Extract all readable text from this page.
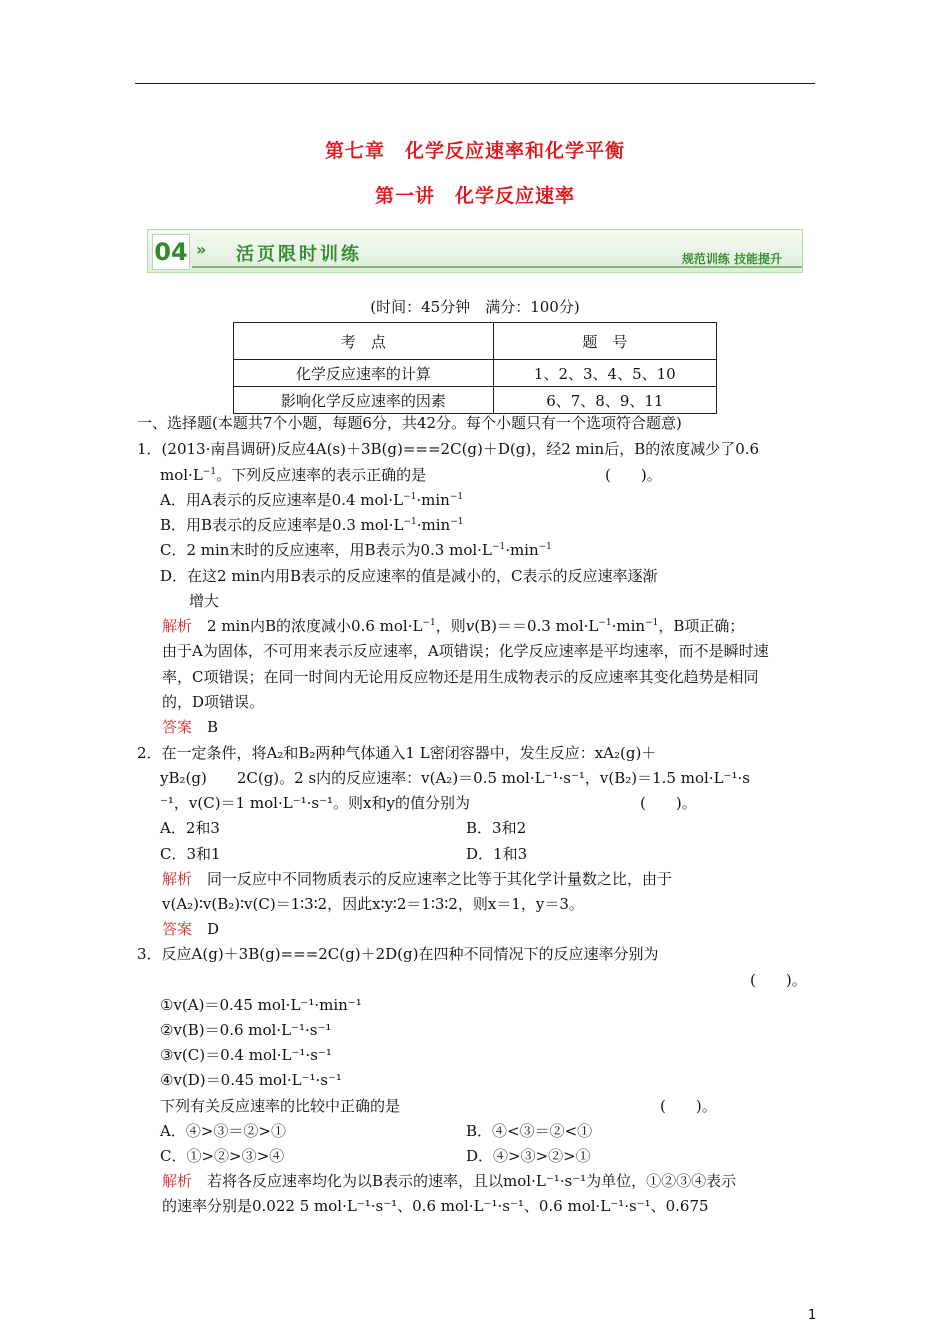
第七章　化学反应速率和化学平衡
第一讲　化学反应速率
04 » 活页限时训练	规范训练 技能提升
(时间：45分钟　满分：100分)
考　点	题　号
化学反应速率的计算	1、2、3、4、5、10
影响化学反应速率的因素	6、7、8、9、11
一、选择题(本题共7个小题，每题6分，共42分。每个小题只有一个选项符合题意)
1．(2013·南昌调研)反应4A(s)＋3B(g)===2C(g)＋D(g)，经2 min后，B的浓度减少了0.6
$mol\cdot L^{-1}$。下列反应速率的表示正确的是	(　　)。
A．用A表示的反应速率是0.4 $mol\cdot L^{-1}\cdot\min^{-1}$
B．用B表示的反应速率是0.3 $mol\cdot L^{-1}\cdot\min^{-1}$
C．2 min末时的反应速率，用B表示为0.3 $mol\cdot L^{-1}\cdot\min^{-1}$
D．在这2 min内用B表示的反应速率的值是减小的，C表示的反应速率逐渐
增大
解析　2 min内B的浓度减小0.6 $mol\cdot L^{-1}$，则v(B)＝＝0.3 $mol\cdot L^{-1}\cdot\min^{-1}$，B项正确；
由于A为固体，不可用来表示反应速率，A项错误；化学反应速率是平均速率，而不是瞬时速
率，C项错误；在同一时间内无论用反应物还是用生成物表示的反应速率其变化趋势是相同
的，D项错误。
答案　B
2．在一定条件，将A₂和B₂两种气体通入1 L密闭容器中，发生反应：xA₂(g)＋
yB₂(g)　　2C(g)。2 s内的反应速率：v(A₂)＝0.5 mol·L⁻¹·s⁻¹，v(B₂)＝1.5 mol·L⁻¹·s
⁻¹，v(C)＝1 mol·L⁻¹·s⁻¹。则x和y的值分别为	(　　)。
A．2和3	B．3和2
C．3和1	D．1和3
解析　同一反应中不同物质表示的反应速率之比等于其化学计量数之比，由于
v(A₂)∶v(B₂)∶v(C)＝1∶3∶2，因此x∶y∶2＝1∶3∶2，则x＝1，y＝3。
答案　D
3．反应A(g)＋3B(g)===2C(g)＋2D(g)在四种不同情况下的反应速率分别为
(　　)。
①v(A)＝0.45 mol·L⁻¹·min⁻¹
②v(B)＝0.6 mol·L⁻¹·s⁻¹
③v(C)＝0.4 mol·L⁻¹·s⁻¹
④v(D)＝0.45 mol·L⁻¹·s⁻¹
下列有关反应速率的比较中正确的是	(　　)。
A．④>③＝②>①	B．④<③＝②<①
C．①>②>③>④	D．④>③>②>①
解析　若将各反应速率均化为以B表示的速率，且以mol·L⁻¹·s⁻¹为单位，①②③④表示
的速率分别是0.022 5 mol·L⁻¹·s⁻¹、0.6 mol·L⁻¹·s⁻¹、0.6 mol·L⁻¹·s⁻¹、0.675
1
